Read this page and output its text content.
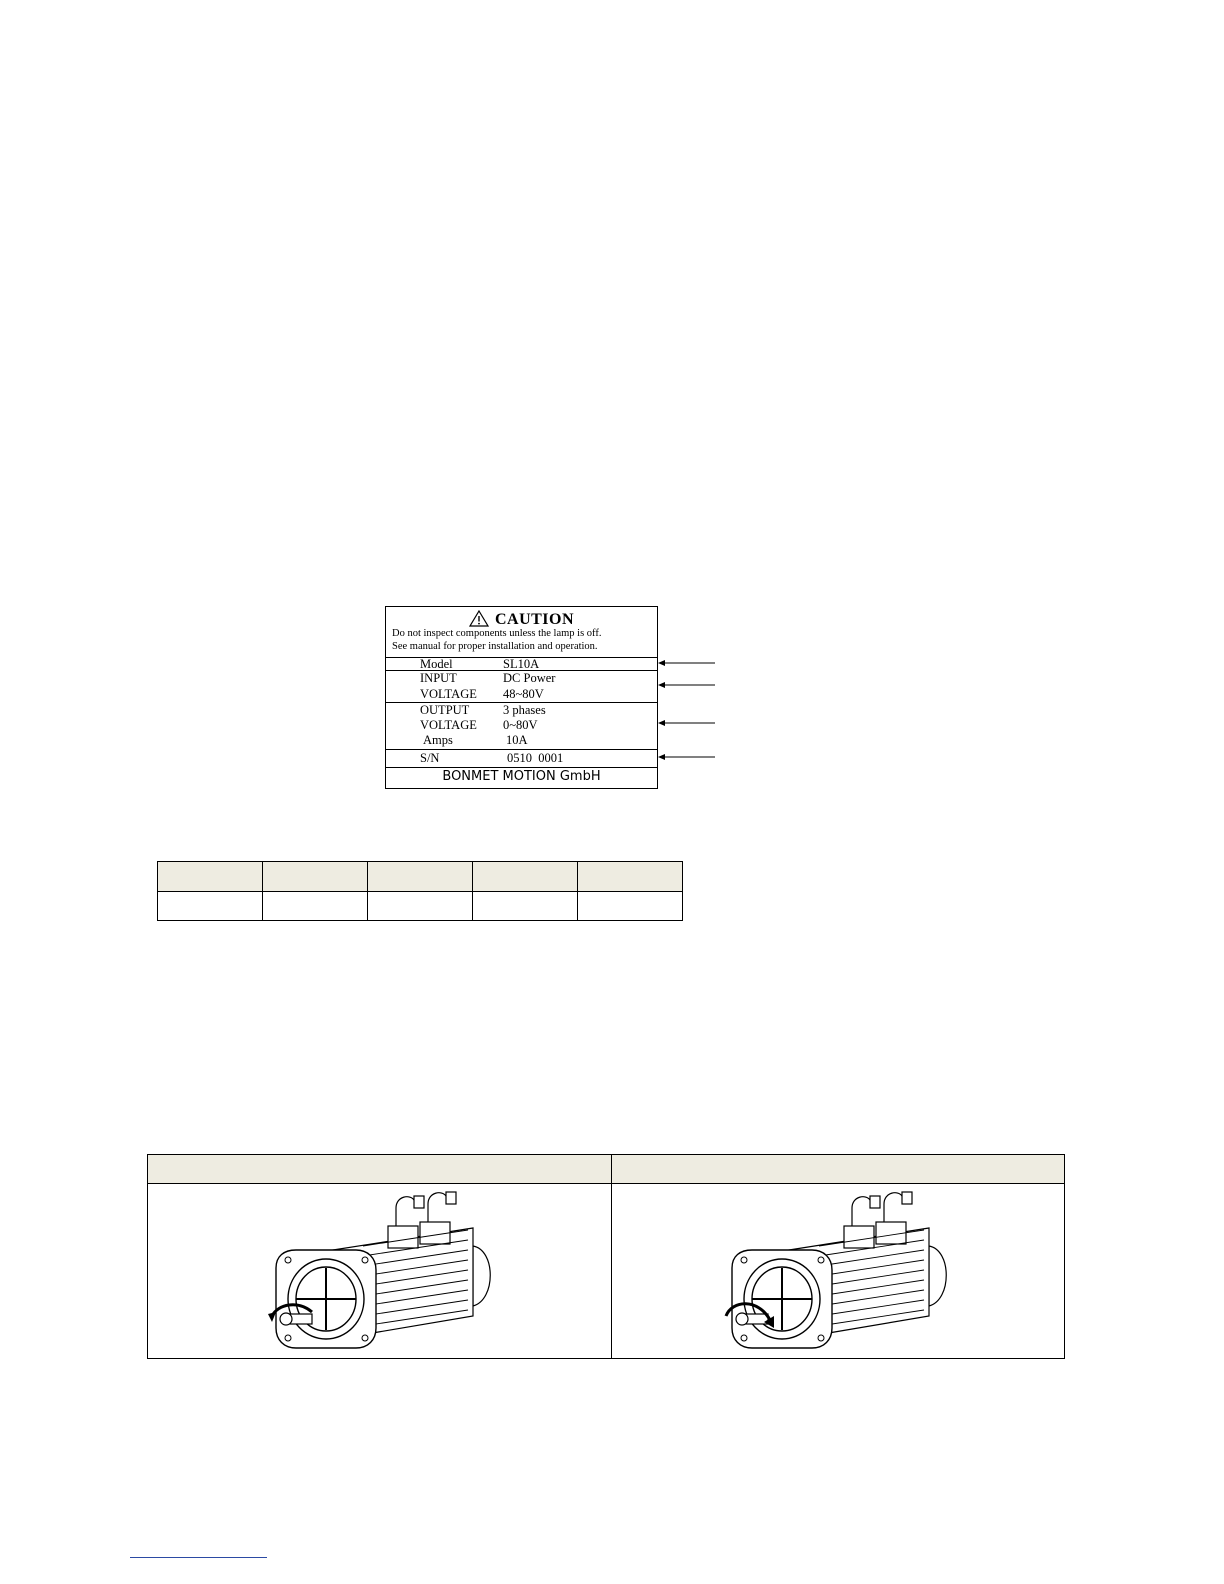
CAUTION
Do not inspect components unless the lamp is off.
See manual for proper installation and operation.
Model	SL10A
INPUT	DC Power
VOLTAGE 48~80V
OUTPUT	3 phases
VOLTAGE 0~80V
Amps	10A
S/N	0510  0001
BONMET MOTION GmbH
